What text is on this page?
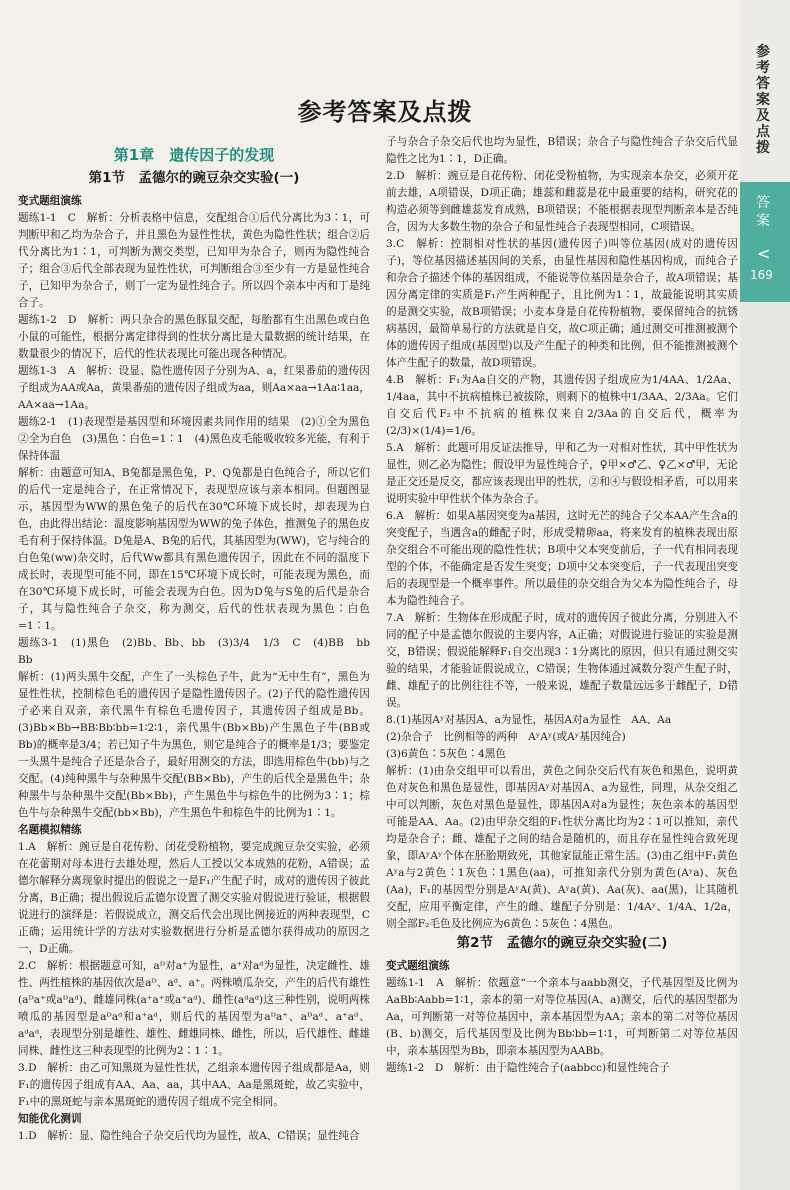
参考答案及点拨
答案
<
169
参考答案及点拨
第1章　遗传因子的发现
第1节　孟德尔的豌豆杂交实验(一)
变式题组演练

题练1-1　C　解析：分析表格中信息，交配组合①后代分离比为3∶1，可判断甲和乙均为杂合子，并且黑色为显性性状，黄色为隐性性状；组合②后代分离比为1∶1，可判断为测交类型，已知甲为杂合子，则丙为隐性纯合子；组合③后代全部表现为显性性状，可判断组合③至少有一方是显性纯合子，已知甲为杂合子，则丁一定为显性纯合子。所以四个亲本中丙和丁是纯合子。

题练1-2　D　解析：两只杂合的黑色豚鼠交配，每胎都有生出黑色或白色小鼠的可能性，根据分离定律得到的性状分离比是大量数据的统计结果，在数量很少的情况下，后代的性状表现比可能出现各种情况。

题练1-3　A　解析：设显、隐性遗传因子分别为A、a，红果番茄的遗传因子组成为AA或Aa，黄果番茄的遗传因子组成为aa，则Aa×aa→1Aa∶1aa，AA×aa→1Aa。

题练2-1　(1)表现型是基因型和环境因素共同作用的结果　(2)①全为黑色　②全为白色　(3)黑色∶白色=1∶1　(4)黑色皮毛能吸收较多光能，有利于保持体温

解析：由题意可知A、B兔都是黑色兔，P、Q兔都是白色纯合子，所以它们的后代一定是纯合子，在正常情况下，表现型应该与亲本相同。但题图显示，基因型为WW的黑色兔子的后代在30℃环境下成长时，却表现为白色，由此得出结论：温度影响基因型为WW的兔子体色，推测兔子的黑色皮毛有利于保持体温。D兔是A、B兔的后代，其基因型为(WW)，它与纯合的白色兔(ww)杂交时，后代Ww都具有黑色遗传因子，因此在不同的温度下成长时，表现型可能不同，即在15℃环境下成长时，可能表现为黑色，而在30℃环境下成长时，可能会表现为白色。因为D兔与S兔的后代是杂合子，其与隐性纯合子杂交，称为测交，后代的性状表现为黑色∶白色=1∶1。

题练3-1　(1)黑色　(2)Bb、Bb、bb　(3)3/4　1/3　C　(4)BB　bb　Bb

解析：(1)两头黑牛交配，产生了一头棕色子牛，此为“无中生有”，黑色为显性性状，控制棕色毛的遗传因子是隐性遗传因子。(2)子代的隐性遗传因子必来自双亲，亲代黑牛有棕色毛遗传因子，其遗传因子组成是Bb。(3)Bb×Bb→BB∶Bb∶bb=1∶2∶1，亲代黑牛(Bb×Bb)产生黑色子牛(BB或Bb)的概率是3/4；若已知子牛为黑色，则它是纯合子的概率是1/3；要鉴定一头黑牛是纯合子还是杂合子，最好用测交的方法，即选用棕色牛(bb)与之交配。(4)纯种黑牛与杂种黑牛交配(BB×Bb)，产生的后代全是黑色牛；杂种黑牛与杂种黑牛交配(Bb×Bb)，产生黑色牛与棕色牛的比例为3∶1；棕色牛与杂种黑牛交配(bb×Bb)，产生黑色牛和棕色牛的比例为1∶1。

名题模拟精练

1.A　解析：豌豆是自花传粉、闭花受粉植物，要完成豌豆杂交实验，必须在花蕾期对母本进行去雄处理，然后人工授以父本成熟的花粉，A错误；孟德尔解释分离现象时提出的假说之一是F₁产生配子时，成对的遗传因子彼此分离，B正确；提出假说后孟德尔设置了测交实验对假说进行验证，根据假说进行的演绎是：若假说成立，测交后代会出现比例接近的两种表现型，C正确；运用统计学的方法对实验数据进行分析是孟德尔获得成功的原因之一，D正确。

2.C　解析：根据题意可知，aᴰ对a⁺为显性，a⁺对aᵈ为显性，决定雌性、雄性、两性植株的基因依次是aᴰ、aᵈ、a⁺。两株喷瓜杂交，产生的后代有雄性(aᴰa⁺或aᴰaᵈ)、雌雄同株(a⁺a⁺或a⁺aᵈ)、雌性(aᵈaᵈ)这三种性别，说明两株喷瓜的基因型是aᴰaᵈ和a⁺aᵈ，则后代的基因型为aᴰa⁺、aᴰaᵈ、a⁺aᵈ、aᵈaᵈ，表现型分别是雄性、雄性、雌雄同株、雌性，所以，后代雄性、雌雄同株、雌性这三种表现型的比例为2∶1∶1。

3.D　解析：由乙可知黑斑为显性性状，乙组亲本遗传因子组成都是Aa，则F₁的遗传因子组成有AA、Aa、aa，其中AA、Aa是黑斑蛇，故乙实验中，F₁中的黑斑蛇与亲本黑斑蛇的遗传因子组成不完全相同。

知能优化测训

1.D　解析：显、隐性纯合子杂交后代均为显性，故A、C错误；显性纯合

子与杂合子杂交后代也均为显性，B错误；杂合子与隐性纯合子杂交后代显隐性之比为1∶1，D正确。

2.D　解析：豌豆是自花传粉、闭花受粉植物，为实现亲本杂交，必须开花前去雄，A项错误，D项正确；雄蕊和雌蕊是花中最重要的结构，研究花的构造必须等到雌雄蕊发育成熟，B项错误；不能根据表现型判断亲本是否纯合，因为大多数生物的杂合子和显性纯合子表现型相同，C项错误。

3.C　解析：控制相对性状的基因(遗传因子)叫等位基因(成对的遗传因子)，等位基因描述基因间的关系，由显性基因和隐性基因构成，而纯合子和杂合子描述个体的基因组成，不能说等位基因是杂合子，故A项错误；基因分离定律的实质是F₁产生两种配子，且比例为1∶1，故最能说明其实质的是测交实验，故B项错误；小麦本身是自花传粉植物，要保留纯合的抗锈病基因，最简单易行的方法就是自交，故C项正确；通过测交可推测被测个体的遗传因子组成(基因型)以及产生配子的种类和比例，但不能推测被测个体产生配子的数量，故D项错误。

4.B　解析：F₁为Aa自交的产物，其遗传因子组成应为1/4AA、1/2Aa、1/4aa，其中不抗病植株已被拔除，则剩下的植株中1/3AA、2/3Aa。它们自交后代F₂中不抗病的植株仅来自2/3Aa的自交后代，概率为(2/3)×(1/4)=1/6。

5.A　解析：此题可用反证法推导，甲和乙为一对相对性状，其中甲性状为显性，则乙必为隐性；假设甲为显性纯合子，♀甲×♂乙、♀乙×♂甲，无论是正交还是反交，都应该表现出甲的性状，②和④与假设相矛盾，可以用来说明实验中甲性状个体为杂合子。

6.A　解析：如果A基因突变为a基因，这时无芒的纯合子父本AA产生含a的突变配子，当遇含a的雌配子时，形成受精卵aa，将来发育的植株表现出原杂交组合不可能出现的隐性性状；B项中父本突变前后，子一代有相同表现型的个体，不能确定是否发生突变；D项中父本突变后，子一代表现出突变后的表现型是一个概率事件。所以最佳的杂交组合为父本为隐性纯合子，母本为隐性纯合子。

7.A　解析：生物体在形成配子时，成对的遗传因子彼此分离，分别进入不同的配子中是孟德尔假说的主要内容，A正确；对假说进行验证的实验是测交，B错误；假说能解释F₁自交出现3∶1分离比的原因，但只有通过测交实验的结果，才能验证假说成立，C错误；生物体通过减数分裂产生配子时，雌、雄配子的比例往往不等，一般来说，雄配子数量远远多于雌配子，D错误。

8.(1)基因Aʸ对基因A、a为显性，基因A对a为显性　AA、Aa

(2)杂合子　比例相等的两种　AʸAʸ(或Aʸ基因纯合)

(3)6黄色∶5灰色∶4黑色

解析：(1)由杂交组甲可以看出，黄色之间杂交后代有灰色和黑色，说明黄色对灰色和黑色是显性，即基因Aʸ对基因A、a为显性，同理，从杂交组乙中可以判断，灰色对黑色是显性，即基因A对a为显性；灰色亲本的基因型可能是AA、Aa。(2)由甲杂交组的F₁性状分离比均为2∶1可以推知，亲代均是杂合子；雌、雄配子之间的结合是随机的，而且存在显性纯合致死现象，即AʸAʸ个体在胚胎期致死，其他家鼠能正常生活。(3)由乙组中F₁黄色Aʸa与2黄色∶1灰色∶1黑色(aa)，可推知亲代分别为黄色(Aʸa)、灰色(Aa)，F₁的基因型分别是AʸA(黄)、Aʸa(黄)、Aa(灰)、aa(黑)，让其随机交配，应用平衡定律，产生的雌、雄配子分别是：1/4Aʸ、1/4A、1/2a，则全部F₂毛色及比例应为6黄色∶5灰色∶4黑色。

第2节　孟德尔的豌豆杂交实验(二)
变式题组演练

题练1-1　A　解析：依题意“一个亲本与aabb测交，子代基因型及比例为AaBb∶Aabb=1∶1，亲本的第一对等位基因(A、a)测交，后代的基因型都为Aa，可判断第一对等位基因中，亲本基因型为AA；亲本的第二对等位基因(B、b)测交，后代基因型及比例为Bb∶bb=1∶1，可判断第二对等位基因中，亲本基因型为Bb，即亲本基因型为AABb。

题练1-2　D　解析：由于隐性纯合子(aabbcc)和显性纯合子
